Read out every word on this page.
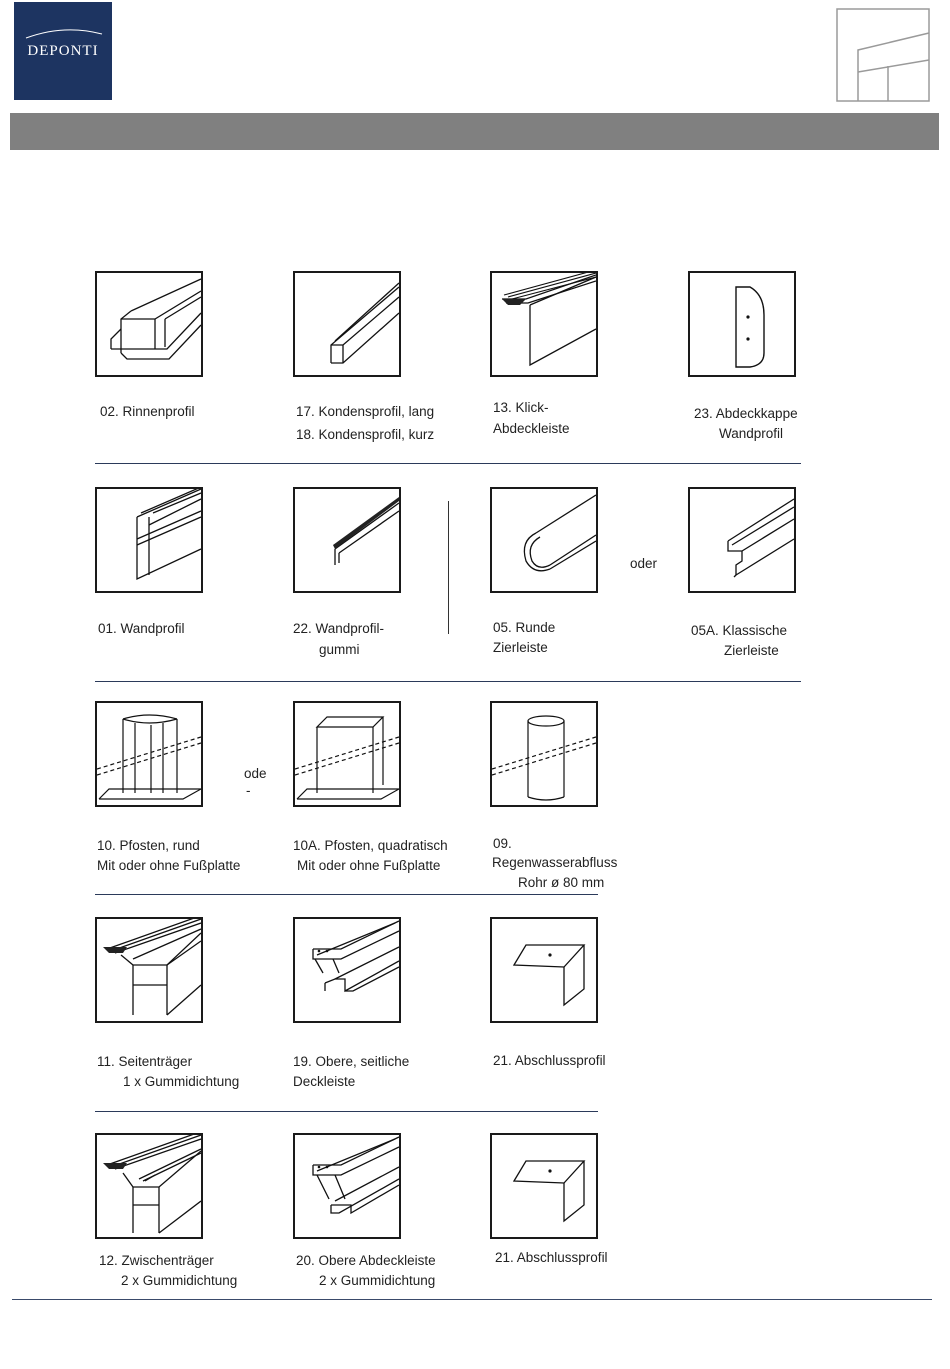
DEPONTI
02. Rinnenprofil	17. Kondensprofil, lang
18. Kondensprofil, kurz
13. Klick-
Abdeckleiste
23. Abdeckkappe
Wandprofil
01. Wandprofil	22. Wandprofil-
gummi
05. Runde
Zierleiste
oder
05A. Klassische
Zierleiste
10. Pfosten, rund
Mit oder ohne Fußplatte
ode
-
10A. Pfosten, quadratisch
Mit oder ohne Fußplatte
09.
Regenwasserabfluss
Rohr ø 80 mm
11. Seitenträger
1 x Gummidichtung
19. Obere, seitliche
Deckleiste
21. Abschlussprofil
12. Zwischenträger
2 x Gummidichtung
20. Obere Abdeckleiste
2 x Gummidichtung
21. Abschlussprofil
